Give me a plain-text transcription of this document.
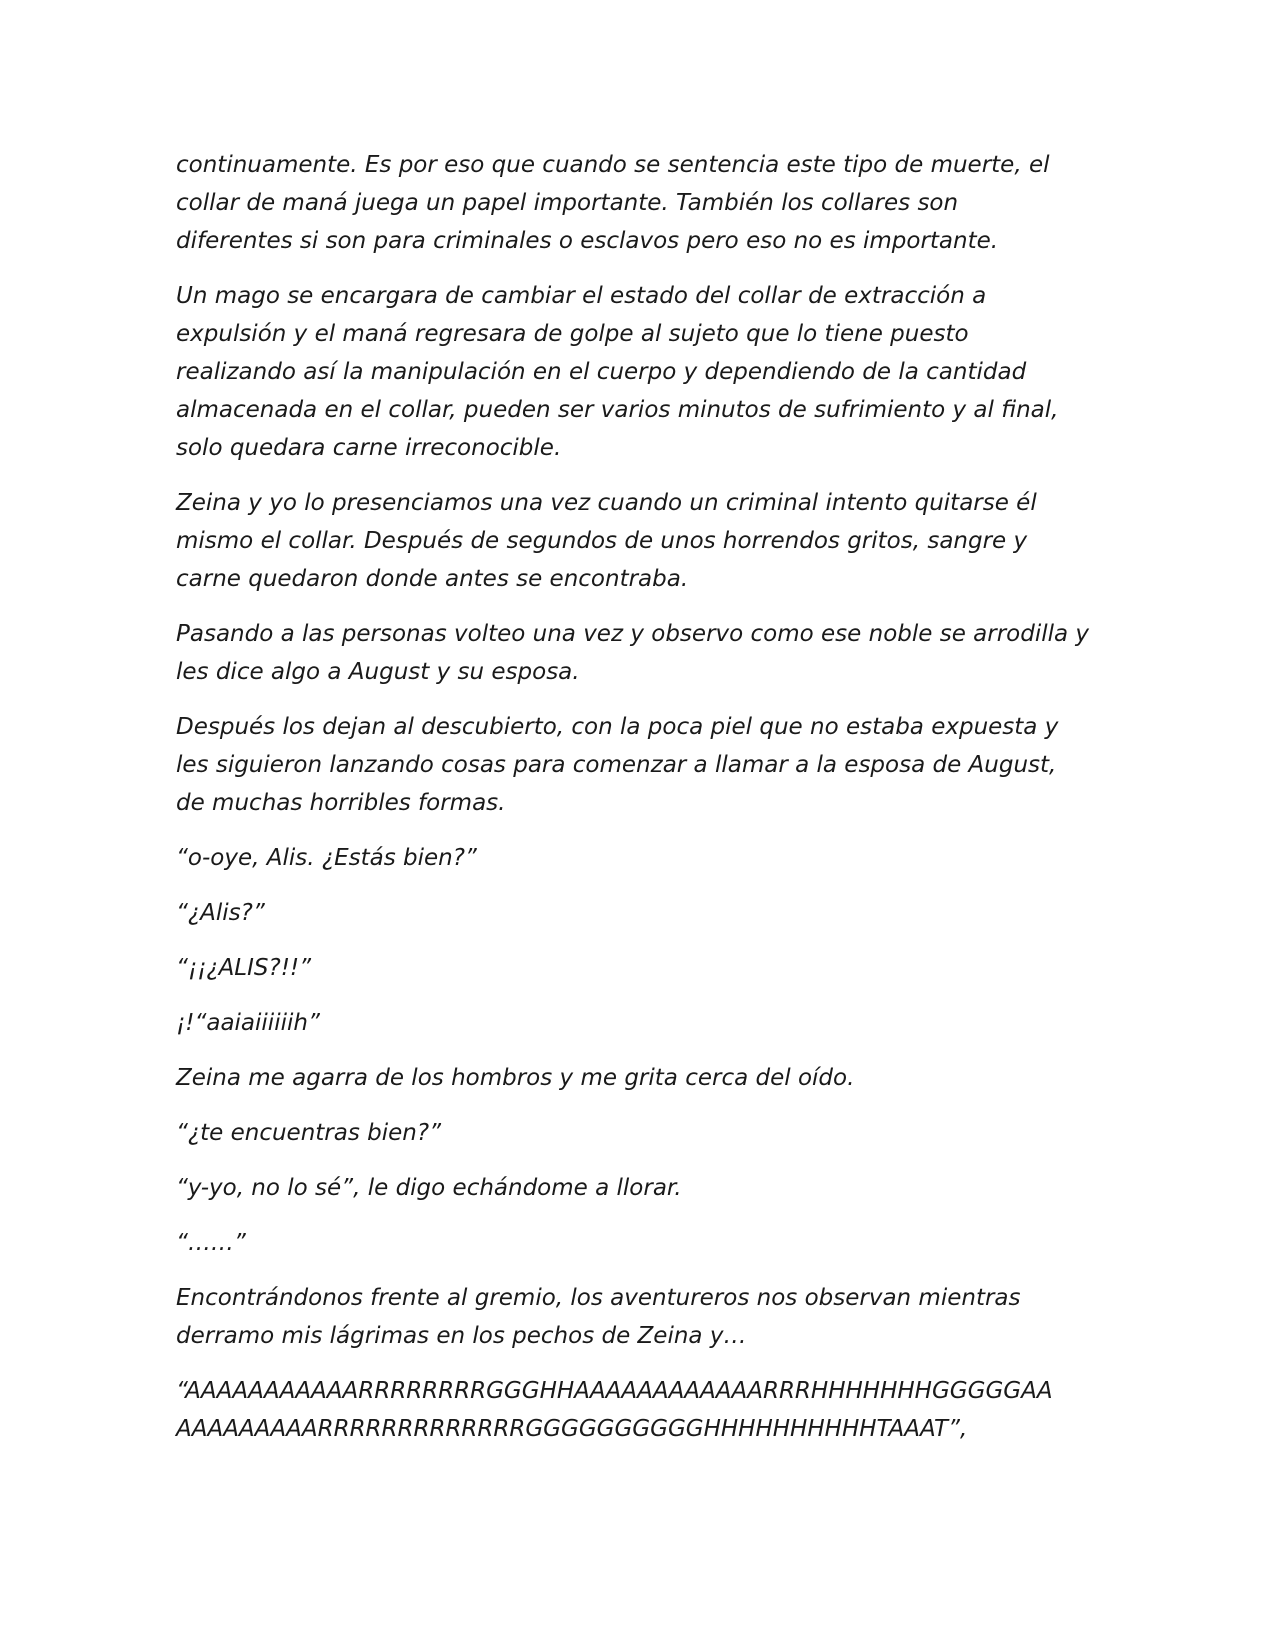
continuamente. Es por eso que cuando se sentencia este tipo de muerte, el
collar de maná juega un papel importante. También los collares son
diferentes si son para criminales o esclavos pero eso no es importante.

Un mago se encargara de cambiar el estado del collar de extracción a
expulsión y el maná regresara de golpe al sujeto que lo tiene puesto
realizando así la manipulación en el cuerpo y dependiendo de la cantidad
almacenada en el collar, pueden ser varios minutos de sufrimiento y al final,
solo quedara carne irreconocible.

Zeina y yo lo presenciamos una vez cuando un criminal intento quitarse él
mismo el collar. Después de segundos de unos horrendos gritos, sangre y
carne quedaron donde antes se encontraba.

Pasando a las personas volteo una vez y observo como ese noble se arrodilla y
les dice algo a August y su esposa.

Después los dejan al descubierto, con la poca piel que no estaba expuesta y
les siguieron lanzando cosas para comenzar a llamar a la esposa de August,
de muchas horribles formas.

“o-oye, Alis. ¿Estás bien?”

“¿Alis?”

“¡¡¿ALIS?!!”

¡!“aaiaiiiiiih”

Zeina me agarra de los hombros y me grita cerca del oído.

“¿te encuentras bien?”

“y-yo, no lo sé”, le digo echándome a llorar.

“……”

Encontrándonos frente al gremio, los aventureros nos observan mientras
derramo mis lágrimas en los pechos de Zeina y…

“AAAAAAAAAAARRRRRRRRGGGHHAAAAAAAAAAAARRRHHHHHHHGGGGGAA
AAAAAAAAARRRRRRRRRRRRRGGGGGGGGGGHHHHHHHHHHTAAAT”,
